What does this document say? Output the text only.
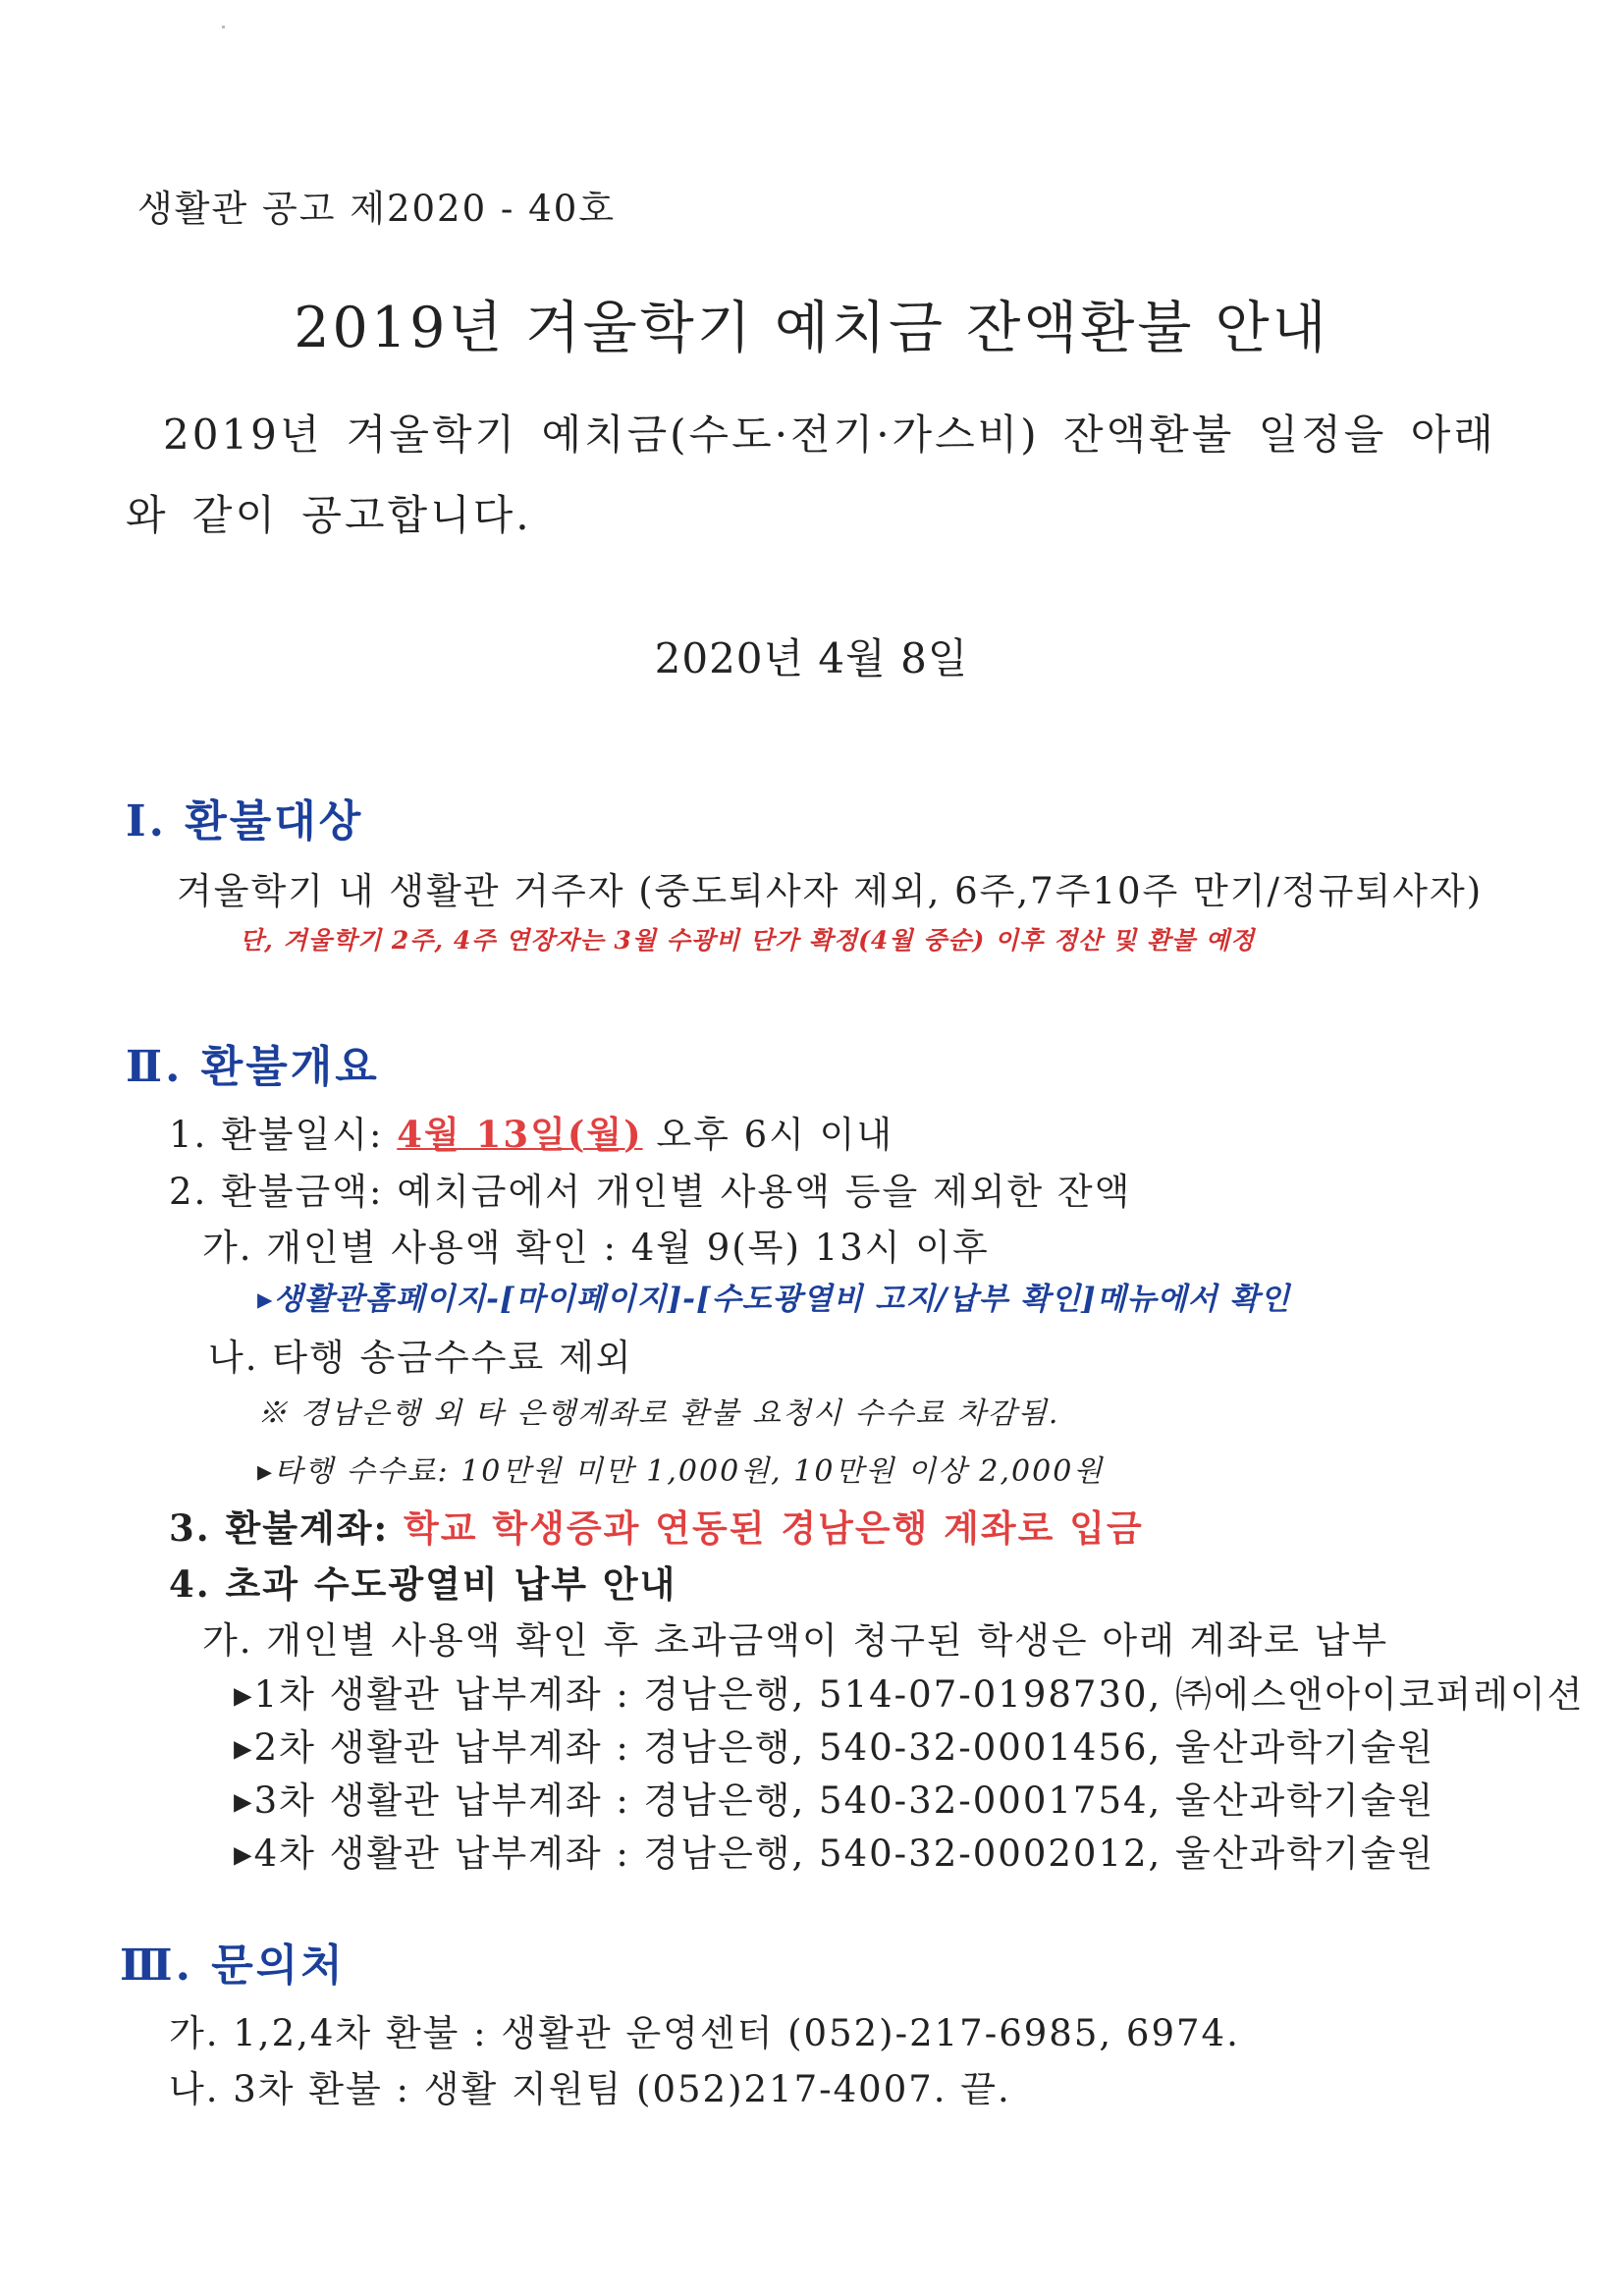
생활관 공고 제2020 - 40호
2019년 겨울학기 예치금 잔액환불 안내
2019년 겨울학기 예치금(수도·전기·가스비) 잔액환불 일정을 아래와 같이 공고합니다.
2020년 4월 8일
Ⅰ. 환불대상
겨울학기 내 생활관 거주자 (중도퇴사자 제외, 6주,7주10주 만기/정규퇴사자)
단, 겨울학기 2주, 4주 연장자는 3월 수광비 단가 확정(4월 중순) 이후 정산 및 환불 예정
Ⅱ. 환불개요
1. 환불일시: 4월 13일(월) 오후 6시 이내
2. 환불금액: 예치금에서 개인별 사용액 등을 제외한 잔액
가. 개인별 사용액 확인 : 4월 9(목) 13시 이후
▸생활관홈페이지-[마이페이지]-[수도광열비 고지/납부 확인]메뉴에서 확인
나. 타행 송금수수료 제외
※ 경남은행 외 타 은행계좌로 환불 요청시 수수료 차감됨.
▸타행 수수료: 10만원 미만 1,000원, 10만원 이상 2,000원
3. 환불계좌: 학교 학생증과 연동된 경남은행 계좌로 입금
4. 초과 수도광열비 납부 안내
가. 개인별 사용액 확인 후 초과금액이 청구된 학생은 아래 계좌로 납부
▸1차 생활관 납부계좌 : 경남은행, 514-07-0198730, ㈜에스앤아이코퍼레이션
▸2차 생활관 납부계좌 : 경남은행, 540-32-0001456, 울산과학기술원
▸3차 생활관 납부계좌 : 경남은행, 540-32-0001754, 울산과학기술원
▸4차 생활관 납부계좌 : 경남은행, 540-32-0002012, 울산과학기술원
Ⅲ. 문의처
가. 1,2,4차 환불 : 생활관 운영센터 (052)-217-6985, 6974.
나. 3차 환불 : 생활 지원팀 (052)217-4007. 끝.
